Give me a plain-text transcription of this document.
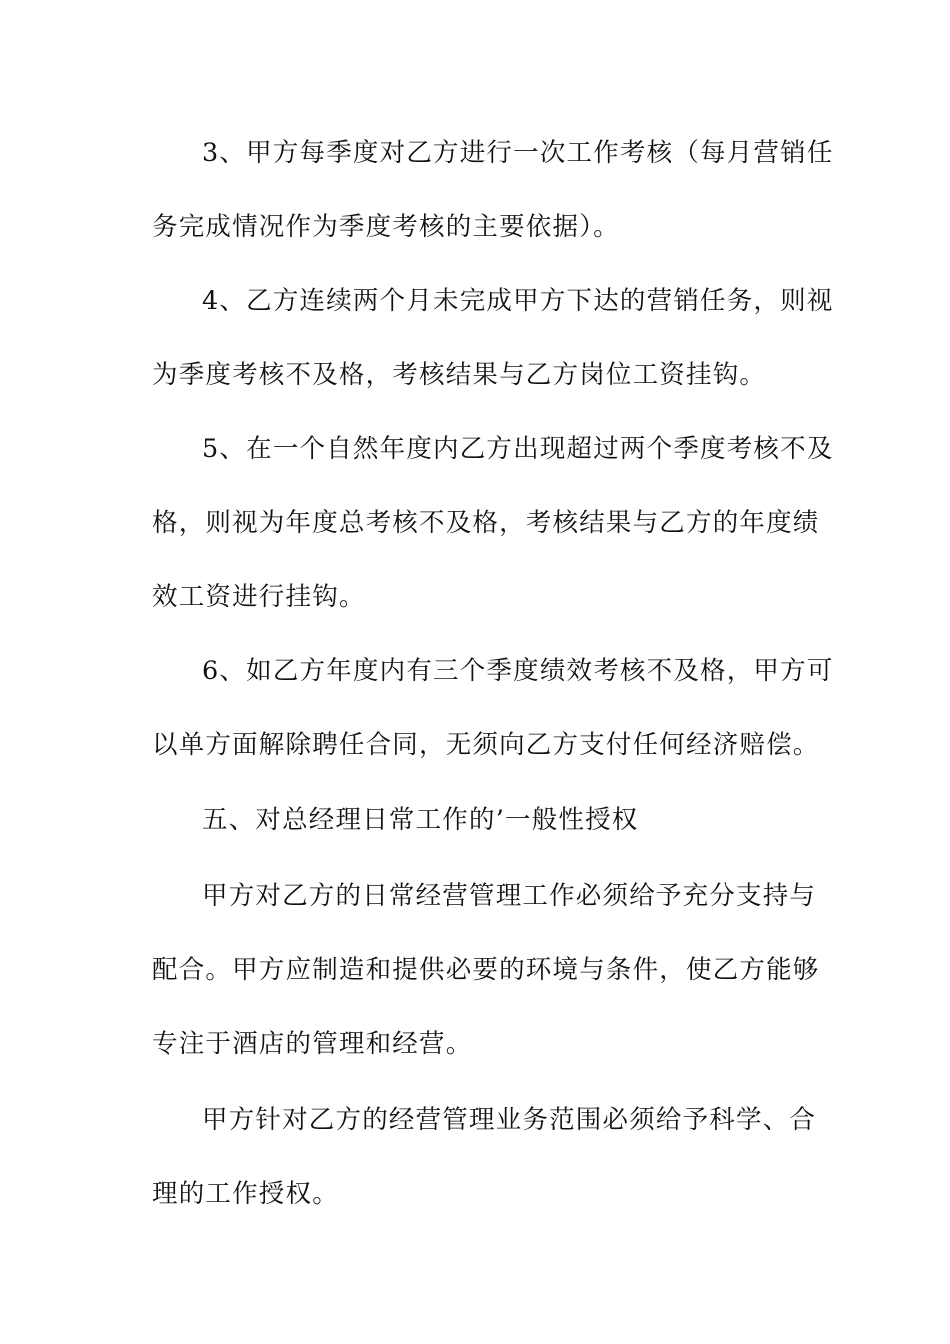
3、甲方每季度对乙方进行一次工作考核（每月营销任
务完成情况作为季度考核的主要依据）。
4、乙方连续两个月未完成甲方下达的营销任务，则视
为季度考核不及格，考核结果与乙方岗位工资挂钩。
5、在一个自然年度内乙方出现超过两个季度考核不及
格，则视为年度总考核不及格，考核结果与乙方的年度绩
效工资进行挂钩。
6、如乙方年度内有三个季度绩效考核不及格，甲方可
以单方面解除聘任合同，无须向乙方支付任何经济赔偿。
五、对总经理日常工作的’一般性授权
甲方对乙方的日常经营管理工作必须给予充分支持与
配合。甲方应制造和提供必要的环境与条件，使乙方能够
专注于酒店的管理和经营。
甲方针对乙方的经营管理业务范围必须给予科学、合
理的工作授权。
